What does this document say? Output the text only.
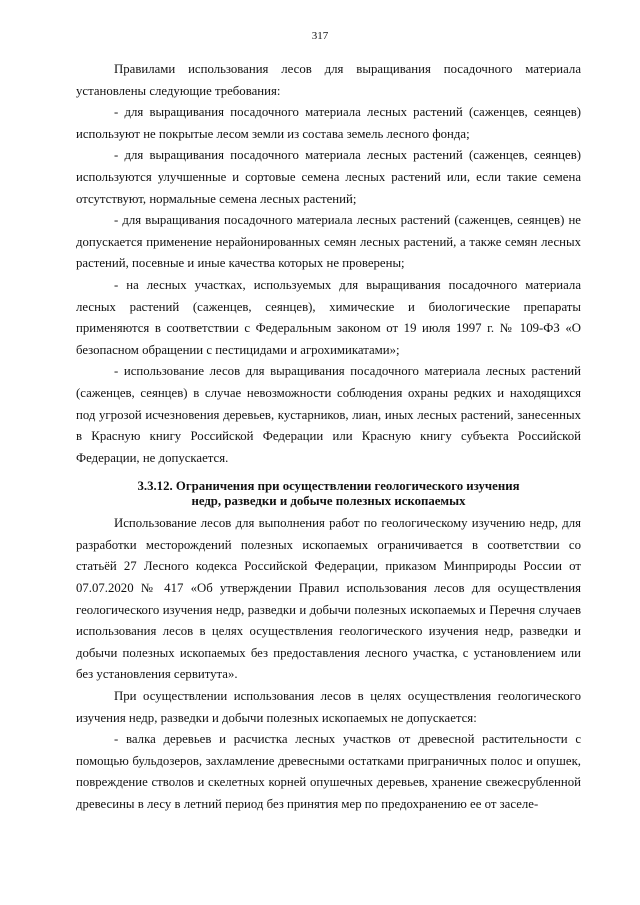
317

Правилами использования лесов для выращивания посадочного материала установлены следующие требования:

- для выращивания посадочного материала лесных растений (саженцев, сеянцев) используют не покрытые лесом земли из состава земель лесного фонда;

- для выращивания посадочного материала лесных растений (саженцев, сеянцев) используются улучшенные и сортовые семена лесных растений или, если такие семена отсутствуют, нормальные семена лесных растений;

- для выращивания посадочного материала лесных растений (саженцев, сеянцев) не допускается применение нерайонированных семян лесных растений, а также семян лесных растений, посевные и иные качества которых не проверены;

- на лесных участках, используемых для выращивания посадочного материала лесных растений (саженцев, сеянцев), химические и биологические препараты применяются в соответствии с Федеральным законом от 19 июля 1997 г. № 109-ФЗ «О безопасном обращении с пестицидами и агрохимикатами»;

- использование лесов для выращивания посадочного материала лесных растений (саженцев, сеянцев) в случае невозможности соблюдения охраны редких и находящихся под угрозой исчезновения деревьев, кустарников, лиан, иных лесных растений, занесенных в Красную книгу Российской Федерации или Красную книгу субъекта Российской Федерации, не допускается.

3.3.12. Ограничения при осуществлении геологического изучения
недр, разведки и добыче полезных ископаемых

Использование лесов для выполнения работ по геологическому изучению недр, для разработки месторождений полезных ископаемых ограничивается в соответствии со статьёй 27 Лесного кодекса Российской Федерации, приказом Минприроды России от 07.07.2020 № 417 «Об утверждении Правил использования лесов для осуществления геологического изучения недр, разведки и добычи полезных ископаемых и Перечня случаев использования лесов в целях осуществления геологического изучения недр, разведки и добычи полезных ископаемых без предоставления лесного участка, с установлением или без установления сервитута».

При осуществлении использования лесов в целях осуществления геологического изучения недр, разведки и добычи полезных ископаемых не допускается:

- валка деревьев и расчистка лесных участков от древесной растительности с помощью бульдозеров, захламление древесными остатками приграничных полос и опушек, повреждение стволов и скелетных корней опушечных деревьев, хранение свежесрубленной древесины в лесу в летний период без принятия мер по предохранению ее от заселе-
